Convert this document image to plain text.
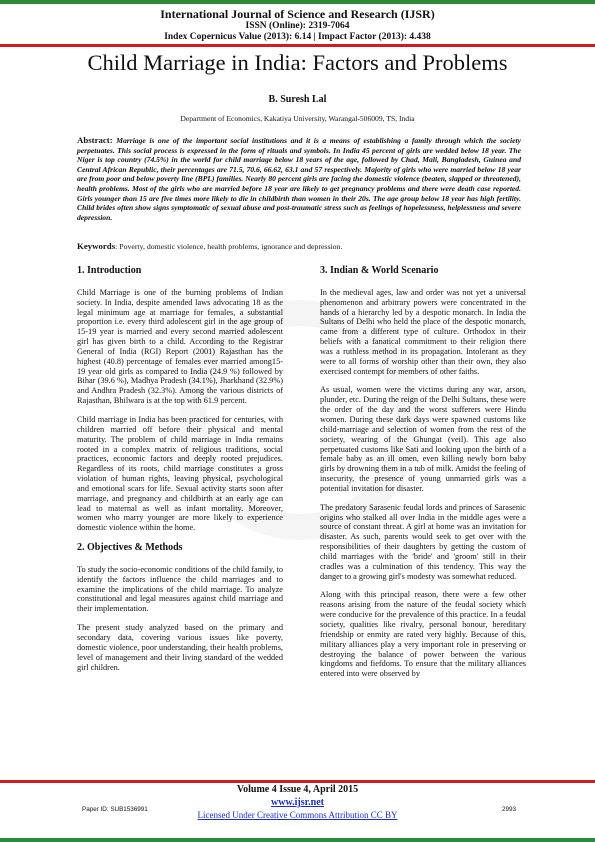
International Journal of Science and Research (IJSR)
ISSN (Online): 2319-7064
Index Copernicus Value (2013): 6.14 | Impact Factor (2013): 4.438
Child Marriage in India: Factors and Problems
B. Suresh Lal
Department of Economics, Kakatiya University, Warangal-506009, TS, India
Abstract: Marriage is one of the important social institutions and it is a means of establishing a family through which the society perpetuates. This social process is expressed in the form of rituals and symbols. In India 45 percent of girls are wedded below 18 year. The Niger is top country (74.5%) in the world for child marriage below 18 years of the age, followed by Chad, Mali, Bangladesh, Guinea and Central African Republic, their percentages are 71.5, 70.6, 66.62, 63.1 and 57 respectively. Majority of girls who were married below 18 year are from poor and below poverty line (BPL) families. Nearly 80 percent girls are facing the domestic violence (beaten, slapped or threatened), health problems. Most of the girls who are married before 18 year are likely to get pregnancy problems and there were death case reported. Girls younger than 15 are five times more likely to die in childbirth than women in their 20s. The age group below 18 year has high fertility. Child brides often show signs symptomatic of sexual abuse and post-traumatic stress such as feelings of hopelessness, helplessness and severe depression.
Keywords: Poverty, domestic violence, health problems, ignorance and depression.
1. Introduction

Child Marriage is one of the burning problems of Indian society. In India, despite amended laws advocating 18 as the legal minimum age at marriage for females, a substantial proportion i.e. every third adolescent girl in the age group of 15-19 year is married and every second married adolescent girl has given birth to a child. According to the Registrar General of India (RGI) Report (2001) Rajasthan has the highest (40.8) percentage of females ever married among15-19 year old girls as compared to India (24.9 %) followed by Bihar (39.6 %), Madhya Pradesh (34.1%), Jharkhand (32.9%) and Andhra Pradesh (32.3%). Among the various districts of Rajasthan, Bhilwara is at the top with 61.9 percent.

Child marriage in India has been practiced for centuries, with children married off before their physical and mental maturity. The problem of child marriage in India remains rooted in a complex matrix of religious traditions, social practices, economic factors and deeply rooted prejudices. Regardless of its roots, child marriage constitutes a gross violation of human rights, leaving physical, psychological and emotional scars for life. Sexual activity starts soon after marriage, and pregnancy and childbirth at an early age can lead to maternal as well as infant mortality. Moreover, women who marry younger are more likely to experience domestic violence within the home.

2. Objectives & Methods

To study the socio-economic conditions of the child family, to identify the factors influence the child marriages and to examine the implications of the child marriage. To analyze constitutional and legal measures against child marriage and their implementation.

The present study analyzed based on the primary and secondary data, covering various issues like poverty, domestic violence, poor understanding, their health problems, level of management and their living standard of the wedded girl children.

3. Indian & World Scenario

In the medieval ages, law and order was not yet a universal phenomenon and arbitrary powers were concentrated in the hands of a hierarchy led by a despotic monarch. In India the Sultans of Delhi who held the place of the despotic monarch, came from a different type of culture. Orthodox in their beliefs with a fanatical commitment to their religion there was a ruthless method in its propagation. Intolerant as they were to all forms of worship other than their own, they also exercised contempt for members of other faiths.

As usual, women were the victims during any war, arson, plunder, etc. During the reign of the Delhi Sultans, these were the order of the day and the worst sufferers were Hindu women. During these dark days were spawned customs like child-marriage and selection of women from the rest of the society, wearing of the Ghungat (veil). This age also perpetuated customs like Sati and looking upon the birth of a female baby as an ill omen, even killing newly born baby girls by drowning them in a tub of milk. Amidst the feeling of insecurity, the presence of young unmarried girls was a potential invitation for disaster.

The predatory Sarasenic feudal lords and princes of Sarasenic origins who stalked all over India in the middle ages were a source of constant threat. A girl at home was an invitation for disaster. As such, parents would seek to get over with the responsibilities of their daughters by getting the custom of child marriages with the 'bride' and 'groom' still in their cradles was a culmination of this tendency. This way the danger to a growing girl's modesty was somewhat reduced.

Along with this principal reason, there were a few other reasons arising from the nature of the feudal society which were conducive for the prevalence of this practice. In a feudal society, qualities like rivalry, personal honour, hereditary friendship or enmity are rated very highly. Because of this, military alliances play a very important role in preserving or destroying the balance of power between the various kingdoms and fiefdoms. To ensure that the military alliances entered into were observed by

Volume 4 Issue 4, April 2015
www.ijsr.net
Licensed Under Creative Commons Attribution CC BY
Paper ID: SUB1536991	2993
